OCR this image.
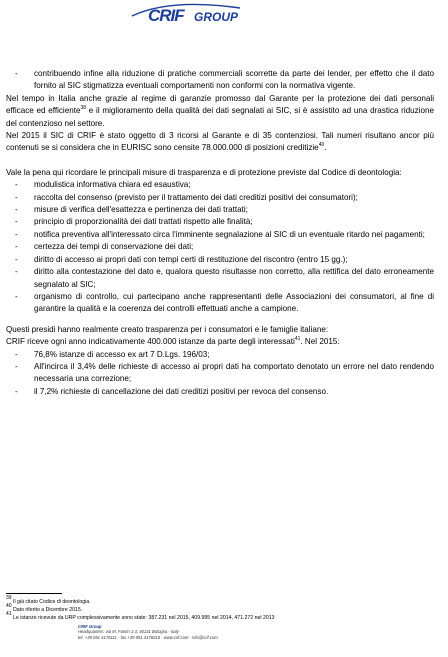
CRIF GROUP
- contribuendo infine alla riduzione di pratiche commerciali scorrette da parte dei lender, per effetto che il dato fornito al SIC stigmatizza eventuali comportamenti non conformi con la normativa vigente.

Nel tempo in Italia anche grazie al regime di garanzie promosso dal Garante per la protezione dei dati personali efficace ed efficiente$^{38}$ e il miglioramento della qualità dei dati segnalati ai SIC, si è assistito ad una drastica riduzione del contenzioso nel settore.

Nel 2015 il SIC di CRIF è stato oggetto di 3 ricorsi al Garante e di 35 contenziosi. Tali numeri risultano ancor più contenuti se si considera che in EURISC sono censite 78.000.000 di posizioni creditizie$^{40}$.

Vale la pena qui ricordare le principali misure di trasparenza e di protezione previste dal Codice di deontologia:

- modulistica informativa chiara ed esaustiva;
- raccolta del consenso (previsto per il trattamento dei dati creditizi positivi dei consumatori);
- misure di verifica dell'esattezza e pertinenza dei dati trattati;
- principio di proporzionalità dei dati trattati rispetto alle finalità;
- notifica preventiva all'interessato circa l'imminente segnalazione al SIC di un eventuale ritardo nei pagamenti;
- certezza dei tempi di conservazione dei dati;
- diritto di accesso ai propri dati con tempi certi di restituzione del riscontro (entro 15 gg.);
- diritto alla contestazione del dato e, qualora questo risultasse non corretto, alla rettifica del dato erroneamente segnalato al SIC;
- organismo di controllo, cui partecipano anche rappresentanti delle Associazioni dei consumatori, al fine di garantire la qualità e la coerenza dei controlli effettuati anche a campione.

Questi presidi hanno realmente creato trasparenza per i consumatori e le famiglie italiane:

CRIF riceve ogni anno indicativamente 400.000 istanze da parte degli interessati$^{41}$. Nel 2015:

- 76,8% istanze di accesso ex art 7 D.Lgs. 196/03;
- All'incirca il 3,4% delle richieste di accesso ai propri dati ha comportato denotato un errore nel dato rendendo necessaria una correzione;
- il 7,2% richieste di cancellazione dei dati creditizi positivi per revoca del consenso.
$^{39}$ Il già citato Codice di deontologia.
$^{40}$ Dato riferito a Dicembre 2015.
$^{41}$ Le istanze ricevute da URP complessivamente sono state: 387.231 nel 2015, 409.995 nel 2014, 471.272 nel 2013
CRIF Group
Headquarters: via M. Fantin 1-3, 40131 Bologna - Italy
tel. +39 051 4176111 - fax +39 051 4176010 - www.crif.com - info@crif.com
